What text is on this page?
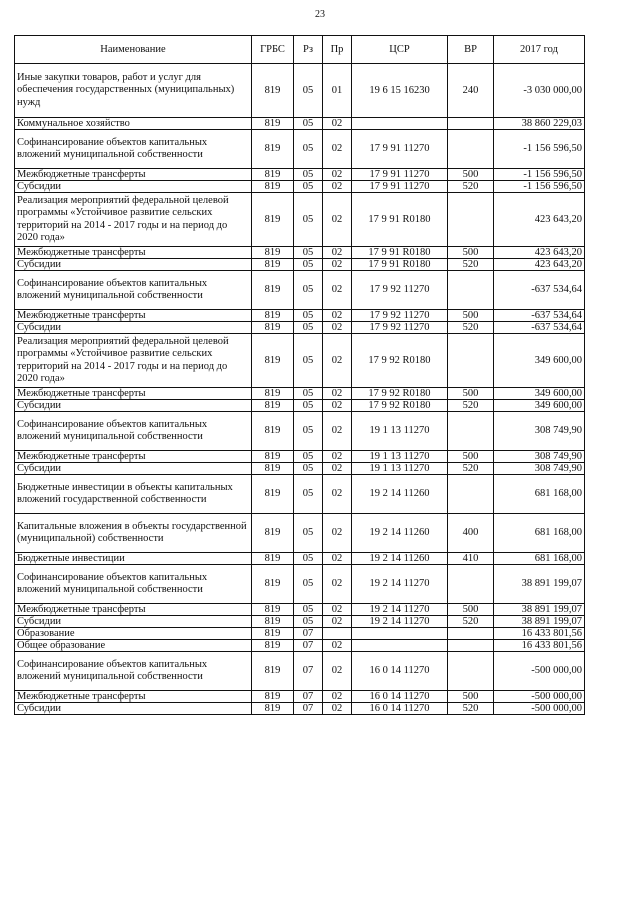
23
Наименование	ГРБС	Рз	Пр	ЦСР	ВР	2017 год
Иные закупки товаров, работ и услуг для обеспечения государственных (муниципальных) нужд	819	05	01	19 6 15 16230	240	-3 030 000,00
Коммунальное хозяйство	819	05	02			38 860 229,03
Софинансирование объектов капитальных вложений муниципальной собственности	819	05	02	17 9 91 11270		-1 156 596,50
Межбюджетные трансферты	819	05	02	17 9 91 11270	500	-1 156 596,50
Субсидии	819	05	02	17 9 91 11270	520	-1 156 596,50
Реализация мероприятий федеральной целевой программы «Устойчивое развитие сельских территорий на 2014 - 2017 годы и на период до 2020 года»	819	05	02	17 9 91 R0180		423 643,20
Межбюджетные трансферты	819	05	02	17 9 91 R0180	500	423 643,20
Субсидии	819	05	02	17 9 91 R0180	520	423 643,20
Софинансирование объектов капитальных вложений муниципальной собственности	819	05	02	17 9 92 11270		-637 534,64
Межбюджетные трансферты	819	05	02	17 9 92 11270	500	-637 534,64
Субсидии	819	05	02	17 9 92 11270	520	-637 534,64
Реализация мероприятий федеральной целевой программы «Устойчивое развитие сельских территорий на 2014 - 2017 годы и на период до 2020 года»	819	05	02	17 9 92 R0180		349 600,00
Межбюджетные трансферты	819	05	02	17 9 92 R0180	500	349 600,00
Субсидии	819	05	02	17 9 92 R0180	520	349 600,00
Софинансирование объектов капитальных вложений муниципальной собственности	819	05	02	19 1 13 11270		308 749,90
Межбюджетные трансферты	819	05	02	19 1 13 11270	500	308 749,90
Субсидии	819	05	02	19 1 13 11270	520	308 749,90
Бюджетные инвестиции в объекты капитальных вложений государственной собственности	819	05	02	19 2 14 11260		681 168,00
Капитальные вложения в объекты государственной (муниципальной) собственности	819	05	02	19 2 14 11260	400	681 168,00
Бюджетные инвестиции	819	05	02	19 2 14 11260	410	681 168,00
Софинансирование объектов капитальных вложений муниципальной собственности	819	05	02	19 2 14 11270		38 891 199,07
Межбюджетные трансферты	819	05	02	19 2 14 11270	500	38 891 199,07
Субсидии	819	05	02	19 2 14 11270	520	38 891 199,07
Образование	819	07				16 433 801,56
Общее образование	819	07	02			16 433 801,56
Софинансирование объектов капитальных вложений муниципальной собственности	819	07	02	16 0 14 11270		-500 000,00
Межбюджетные трансферты	819	07	02	16 0 14 11270	500	-500 000,00
Субсидии	819	07	02	16 0 14 11270	520	-500 000,00
